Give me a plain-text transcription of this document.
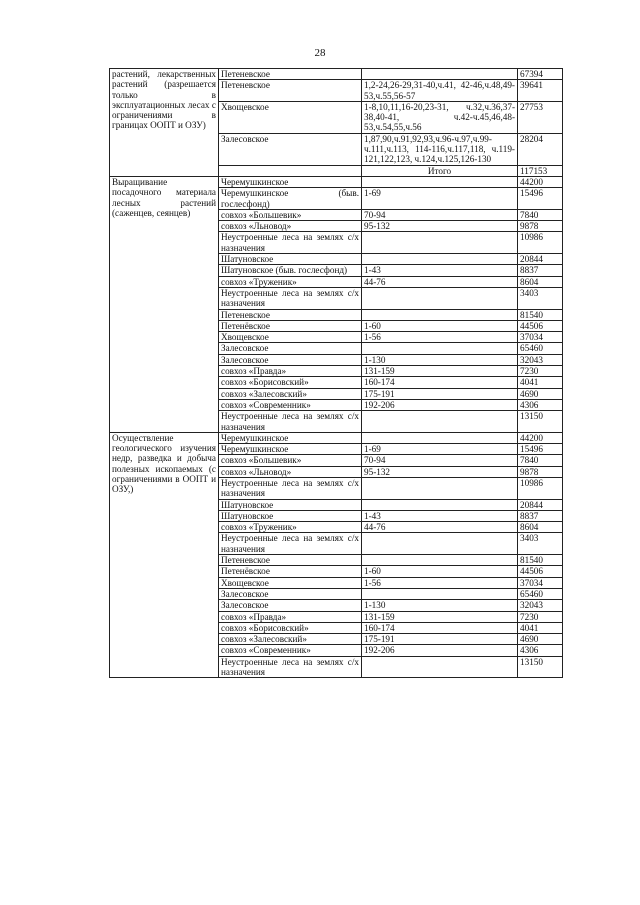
28
растений, лекарственных растений (разрешается только в эксплуатационных лесах с ограничениями в границах ООПТ и ОЗУ)	Петеневское		67394
	Петеневское	1,2-24,26-29,31-40,ч.41, 42-46,ч.48,49-53,ч.55,56-57	39641
	Хвощевское	1-8,10,11,16-20,23-31, ч.32,ч.36,37-38,40-41, ч.42-ч.45,46,48-53,ч.54,55,ч.56	27753
	Залесовское	1,87,90,ч.91,92,93,ч.96-ч.97,ч.99-ч.111,ч.113, 114-116,ч.117,118, ч.119-121,122,123, ч.124,ч.125,126-130	28204
		Итого	117153
Выращивание посадочного материала лесных растений (саженцев, сеянцев)	Черемушкинское		44200
	Черемушкинское (быв. гослесфонд)	1-69	15496
	совхоз «Большевик»	70-94	7840
	совхоз «Льновод»	95-132	9878
	Неустроенные леса на землях с/х назначения		10986
	Шатуновское		20844
	Шатуновское (быв. гослесфонд)	1-43	8837
	совхоз «Труженик»	44-76	8604
	Неустроенные леса на землях с/х назначения		3403
	Петеневское		81540
	Петенёвское	1-60	44506
	Хвощевское	1-56	37034
	Залесовское		65460
	Залесовское	1-130	32043
	совхоз «Правда»	131-159	7230
	совхоз «Борисовский»	160-174	4041
	совхоз «Залесовский»	175-191	4690
	совхоз «Современник»	192-206	4306
	Неустроенные леса на землях с/х назначения		13150
Осуществление геологического изучения недр, разведка и добыча полезных ископаемых (с ограничениями в ООПТ и ОЗУ,)	Черемушкинское		44200
	Черемушкинское	1-69	15496
	совхоз «Большевик»	70-94	7840
	совхоз «Льновод»	95-132	9878
	Неустроенные леса на землях с/х назначения		10986
	Шатуновское		20844
	Шатуновское	1-43	8837
	совхоз «Труженик»	44-76	8604
	Неустроенные леса на землях с/х назначения		3403
	Петеневское		81540
	Петенёвское	1-60	44506
	Хвощевское	1-56	37034
	Залесовское		65460
	Залесовское	1-130	32043
	совхоз «Правда»	131-159	7230
	совхоз «Борисовский»	160-174	4041
	совхоз «Залесовский»	175-191	4690
	совхоз «Современник»	192-206	4306
	Неустроенные леса на землях с/х назначения		13150
